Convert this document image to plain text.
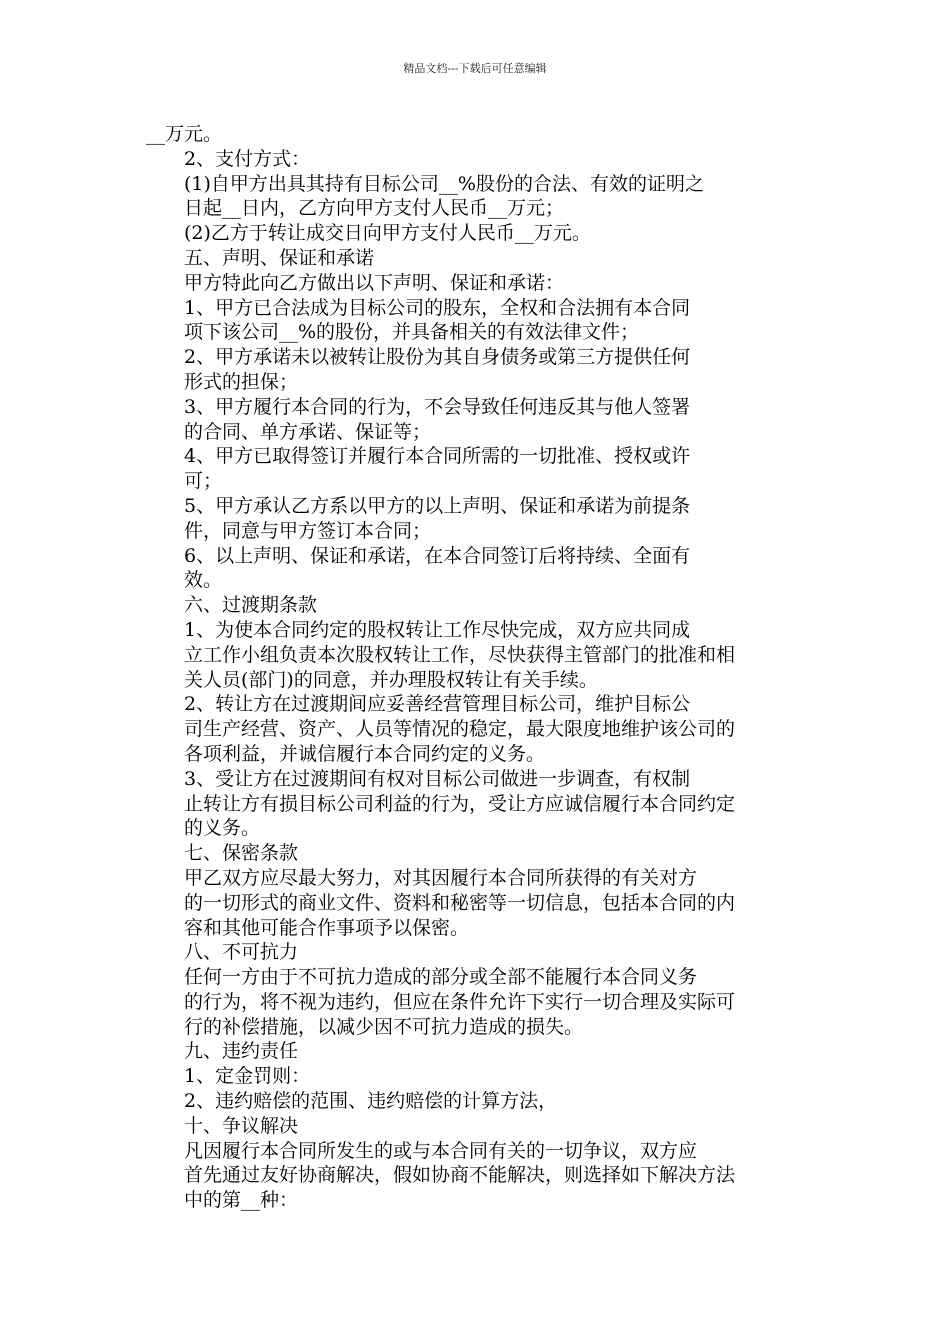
精品文档---下载后可任意编辑
__万元。
2、支付方式：
(1)自甲方出具其持有目标公司__%股份的合法、有效的证明之
日起__日内，乙方向甲方支付人民币__万元；
(2)乙方于转让成交日向甲方支付人民币__万元。
五、声明、保证和承诺
甲方特此向乙方做出以下声明、保证和承诺：
1、甲方已合法成为目标公司的股东，全权和合法拥有本合同
项下该公司__%的股份，并具备相关的有效法律文件；
2、甲方承诺未以被转让股份为其自身债务或第三方提供任何
形式的担保；
3、甲方履行本合同的行为，不会导致任何违反其与他人签署
的合同、单方承诺、保证等；
4、甲方已取得签订并履行本合同所需的一切批准、授权或许
可；
5、甲方承认乙方系以甲方的以上声明、保证和承诺为前提条
件，同意与甲方签订本合同；
6、以上声明、保证和承诺，在本合同签订后将持续、全面有
效。
六、过渡期条款
1、为使本合同约定的股权转让工作尽快完成，双方应共同成
立工作小组负责本次股权转让工作，尽快获得主管部门的批准和相
关人员(部门)的同意，并办理股权转让有关手续。
2、转让方在过渡期间应妥善经营管理目标公司，维护目标公
司生产经营、资产、人员等情况的稳定，最大限度地维护该公司的
各项利益，并诚信履行本合同约定的义务。
3、受让方在过渡期间有权对目标公司做进一步调查，有权制
止转让方有损目标公司利益的行为，受让方应诚信履行本合同约定
的义务。
七、保密条款
甲乙双方应尽最大努力，对其因履行本合同所获得的有关对方
的一切形式的商业文件、资料和秘密等一切信息，包括本合同的内
容和其他可能合作事项予以保密。
八、不可抗力
任何一方由于不可抗力造成的部分或全部不能履行本合同义务
的行为，将不视为违约，但应在条件允许下实行一切合理及实际可
行的补偿措施，以减少因不可抗力造成的损失。
九、违约责任
1、定金罚则：
2、违约赔偿的范围、违约赔偿的计算方法，
十、争议解决
凡因履行本合同所发生的或与本合同有关的一切争议，双方应
首先通过友好协商解决，假如协商不能解决，则选择如下解决方法
中的第__种：
